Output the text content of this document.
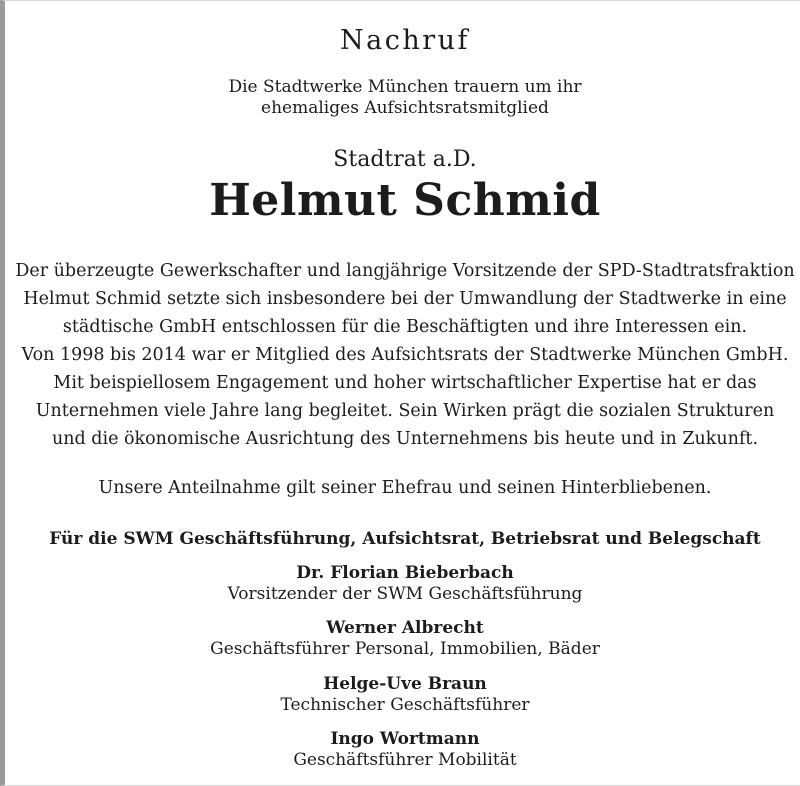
Nachruf
Die Stadtwerke München trauern um ihr
ehemaliges Aufsichtsratsmitglied
Stadtrat a.D.
Helmut Schmid
Der überzeugte Gewerkschafter und langjährige Vorsitzende der SPD-Stadtratsfraktion
Helmut Schmid setzte sich insbesondere bei der Umwandlung der Stadtwerke in eine
städtische GmbH entschlossen für die Beschäftigten und ihre Interessen ein.
Von 1998 bis 2014 war er Mitglied des Aufsichtsrats der Stadtwerke München GmbH.
Mit beispiellosem Engagement und hoher wirtschaftlicher Expertise hat er das
Unternehmen viele Jahre lang begleitet. Sein Wirken prägt die sozialen Strukturen
und die ökonomische Ausrichtung des Unternehmens bis heute und in Zukunft.
Unsere Anteilnahme gilt seiner Ehefrau und seinen Hinterbliebenen.
Für die SWM Geschäftsführung, Aufsichtsrat, Betriebsrat und Belegschaft
Dr. Florian Bieberbach
Vorsitzender der SWM Geschäftsführung
Werner Albrecht
Geschäftsführer Personal, Immobilien, Bäder
Helge-Uve Braun
Technischer Geschäftsführer
Ingo Wortmann
Geschäftsführer Mobilität
